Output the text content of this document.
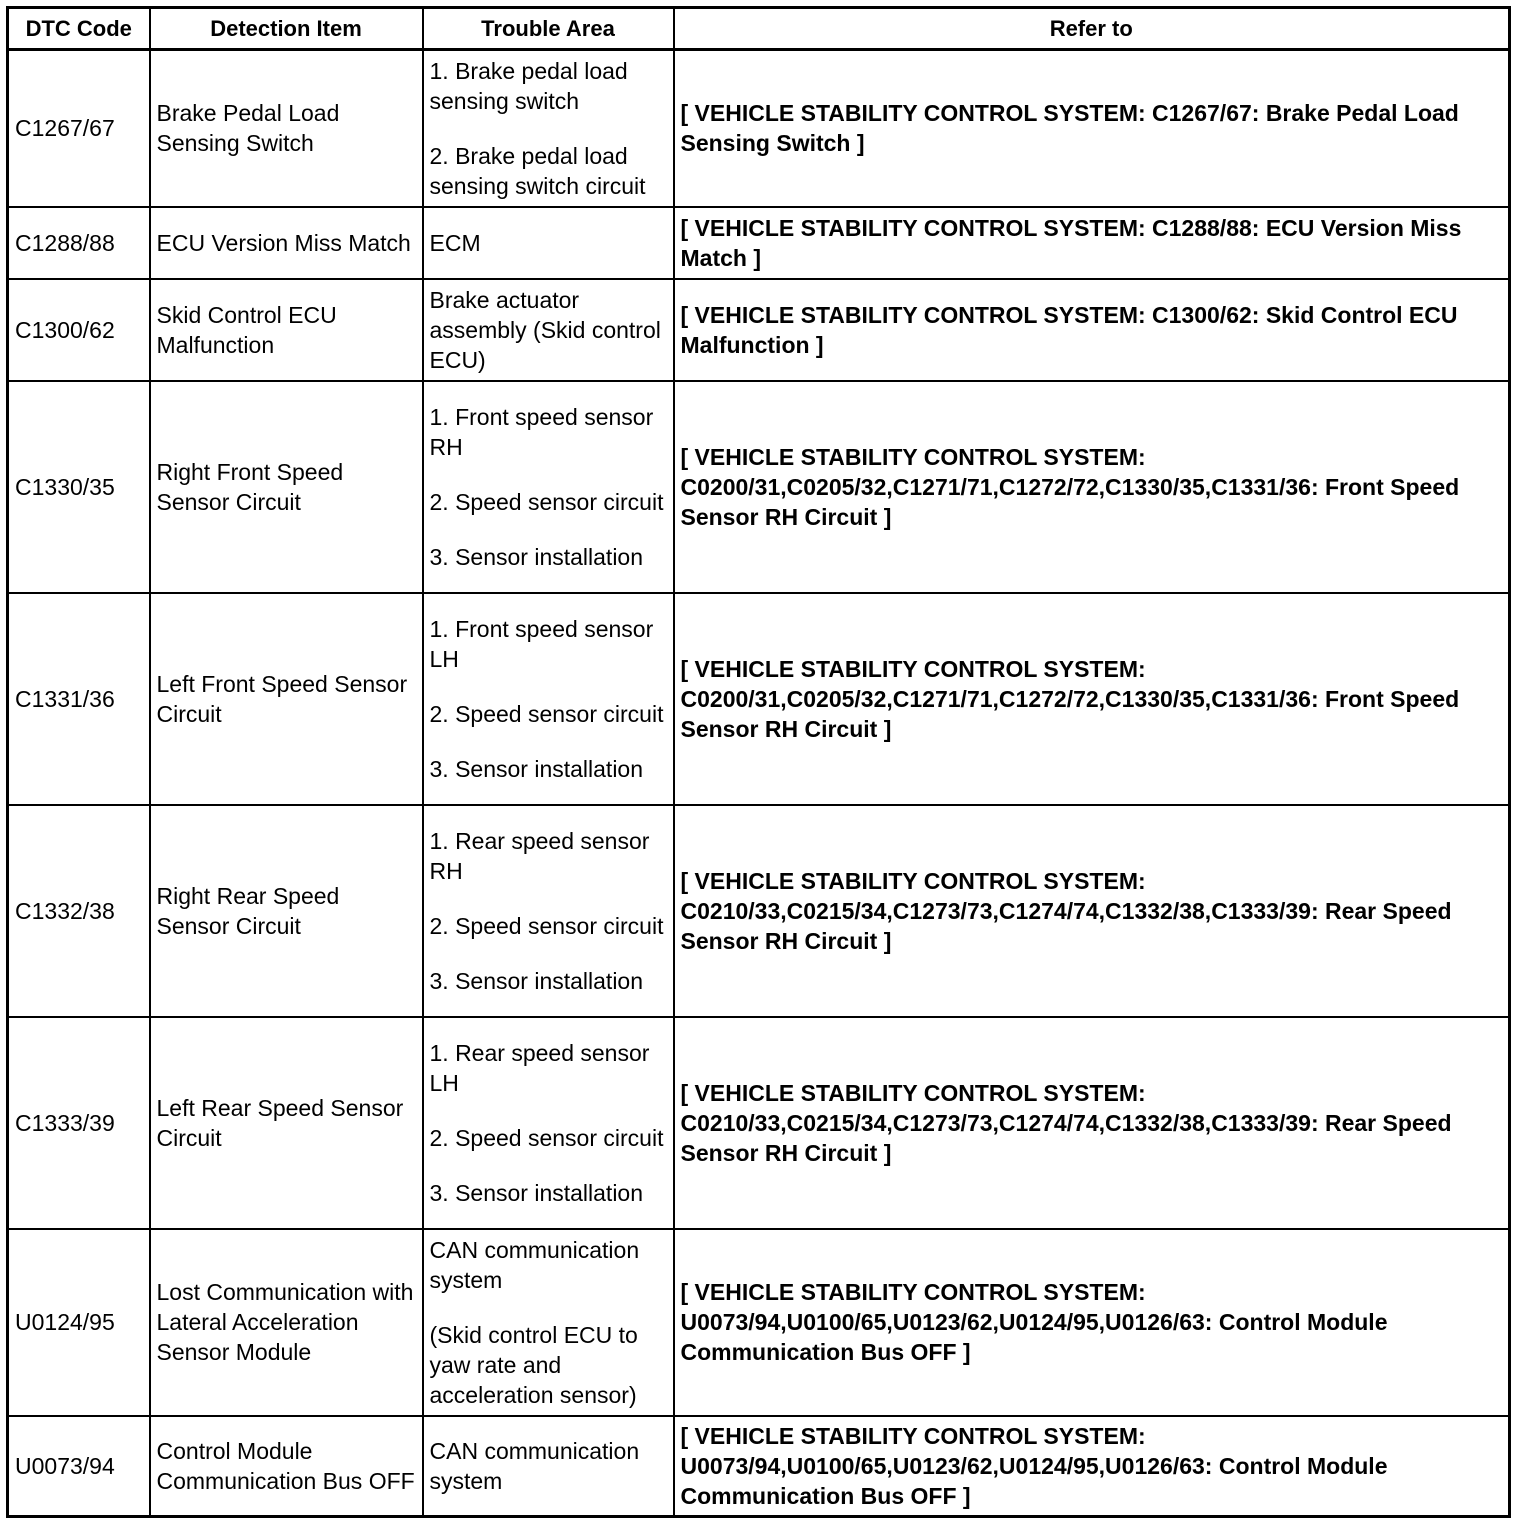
DTC Code	Detection Item	Trouble Area	Refer to
C1267/67	Brake Pedal Load Sensing Switch	1. Brake pedal load sensing switch

2. Brake pedal load sensing switch circuit	[ VEHICLE STABILITY CONTROL SYSTEM: C1267/67: Brake Pedal Load Sensing Switch ]
C1288/88	ECU Version Miss Match	ECM	[ VEHICLE STABILITY CONTROL SYSTEM: C1288/88: ECU Version Miss Match ]
C1300/62	Skid Control ECU Malfunction	Brake actuator assembly (Skid control ECU)	[ VEHICLE STABILITY CONTROL SYSTEM: C1300/62: Skid Control ECU Malfunction ]
C1330/35	Right Front Speed Sensor Circuit	1. Front speed sensor RH

2. Speed sensor circuit

3. Sensor installation	[ VEHICLE STABILITY CONTROL SYSTEM: C0200/31,C0205/32,C1271/71,C1272/72,C1330/35,C1331/36: Front Speed Sensor RH Circuit ]
C1331/36	Left Front Speed Sensor Circuit	1. Front speed sensor LH

2. Speed sensor circuit

3. Sensor installation	[ VEHICLE STABILITY CONTROL SYSTEM: C0200/31,C0205/32,C1271/71,C1272/72,C1330/35,C1331/36: Front Speed Sensor RH Circuit ]
C1332/38	Right Rear Speed Sensor Circuit	1. Rear speed sensor RH

2. Speed sensor circuit

3. Sensor installation	[ VEHICLE STABILITY CONTROL SYSTEM: C0210/33,C0215/34,C1273/73,C1274/74,C1332/38,C1333/39: Rear Speed Sensor RH Circuit ]
C1333/39	Left Rear Speed Sensor Circuit	1. Rear speed sensor LH

2. Speed sensor circuit

3. Sensor installation	[ VEHICLE STABILITY CONTROL SYSTEM: C0210/33,C0215/34,C1273/73,C1274/74,C1332/38,C1333/39: Rear Speed Sensor RH Circuit ]
U0124/95	Lost Communication with Lateral Acceleration Sensor Module	CAN communication system

(Skid control ECU to yaw rate and acceleration sensor)	[ VEHICLE STABILITY CONTROL SYSTEM: U0073/94,U0100/65,U0123/62,U0124/95,U0126/63: Control Module Communication Bus OFF ]
U0073/94	Control Module Communication Bus OFF	CAN communication system	[ VEHICLE STABILITY CONTROL SYSTEM: U0073/94,U0100/65,U0123/62,U0124/95,U0126/63: Control Module Communication Bus OFF ]
